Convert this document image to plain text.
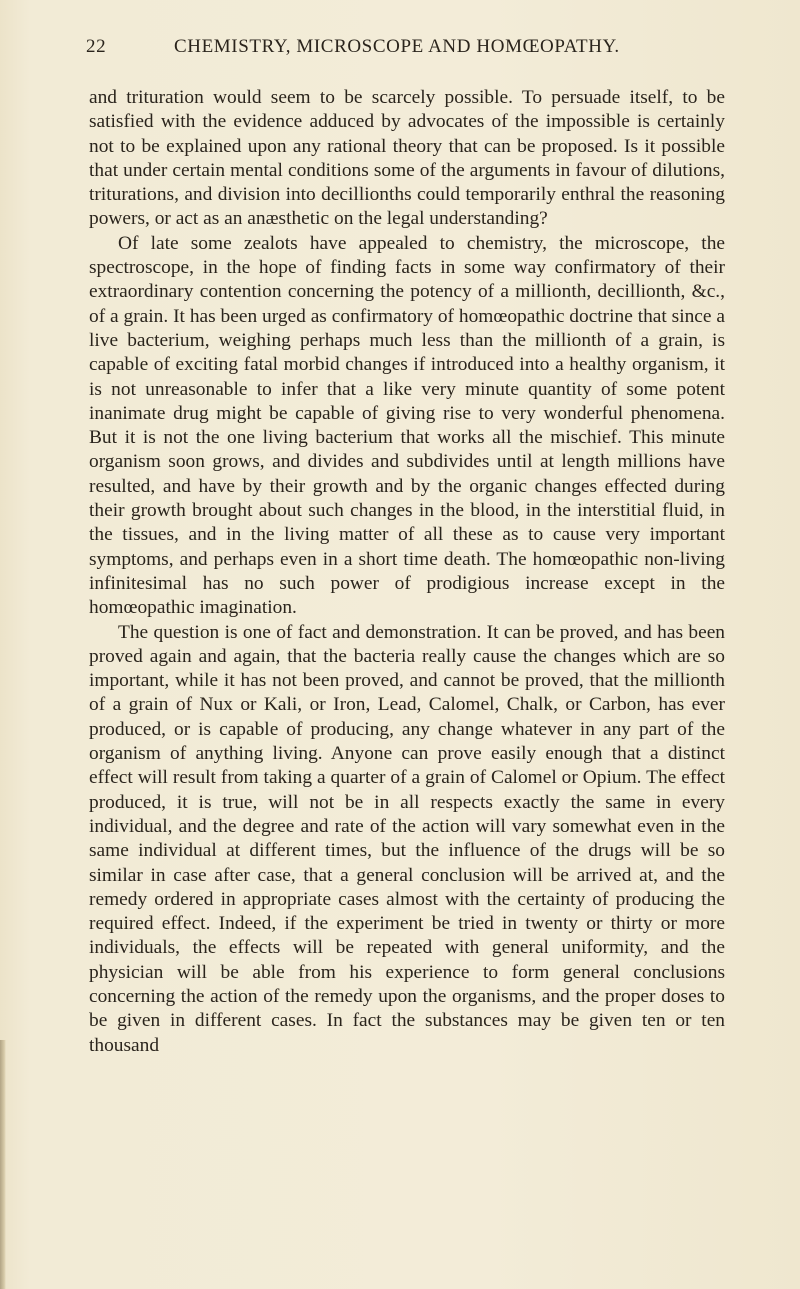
22	CHEMISTRY, MICROSCOPE AND HOMŒOPATHY.

and trituration would seem to be scarcely possible. To persuade itself, to be satisfied with the evidence adduced by advocates of the impossible is certainly not to be explained upon any rational theory that can be proposed. Is it possible that under certain mental conditions some of the arguments in favour of dilutions, triturations, and division into decillionths could temporarily enthral the reasoning powers, or act as an anæsthetic on the legal understanding?

Of late some zealots have appealed to chemistry, the microscope, the spectroscope, in the hope of finding facts in some way confirmatory of their extraordinary contention concerning the potency of a millionth, decillionth, &c., of a grain. It has been urged as confirmatory of homœopathic doctrine that since a live bacterium, weighing perhaps much less than the millionth of a grain, is capable of exciting fatal morbid changes if introduced into a healthy organism, it is not unreasonable to infer that a like very minute quantity of some potent inanimate drug might be capable of giving rise to very wonderful phenomena. But it is not the one living bacterium that works all the mischief. This minute organism soon grows, and divides and subdivides until at length millions have resulted, and have by their growth and by the organic changes effected during their growth brought about such changes in the blood, in the interstitial fluid, in the tissues, and in the living matter of all these as to cause very important symptoms, and perhaps even in a short time death. The homœopathic non-living infinitesimal has no such power of prodigious increase except in the homœopathic imagination.

The question is one of fact and demonstration. It can be proved, and has been proved again and again, that the bacteria really cause the changes which are so important, while it has not been proved, and cannot be proved, that the millionth of a grain of Nux or Kali, or Iron, Lead, Calomel, Chalk, or Carbon, has ever produced, or is capable of producing, any change whatever in any part of the organism of anything living. Anyone can prove easily enough that a distinct effect will result from taking a quarter of a grain of Calomel or Opium. The effect produced, it is true, will not be in all respects exactly the same in every individual, and the degree and rate of the action will vary somewhat even in the same individual at different times, but the influence of the drugs will be so similar in case after case, that a general conclusion will be arrived at, and the remedy ordered in appropriate cases almost with the certainty of producing the required effect. Indeed, if the experiment be tried in twenty or thirty or more individuals, the effects will be repeated with general uniformity, and the physician will be able from his experience to form general conclusions concerning the action of the remedy upon the organisms, and the proper doses to be given in different cases. In fact the substances may be given ten or ten thousand
